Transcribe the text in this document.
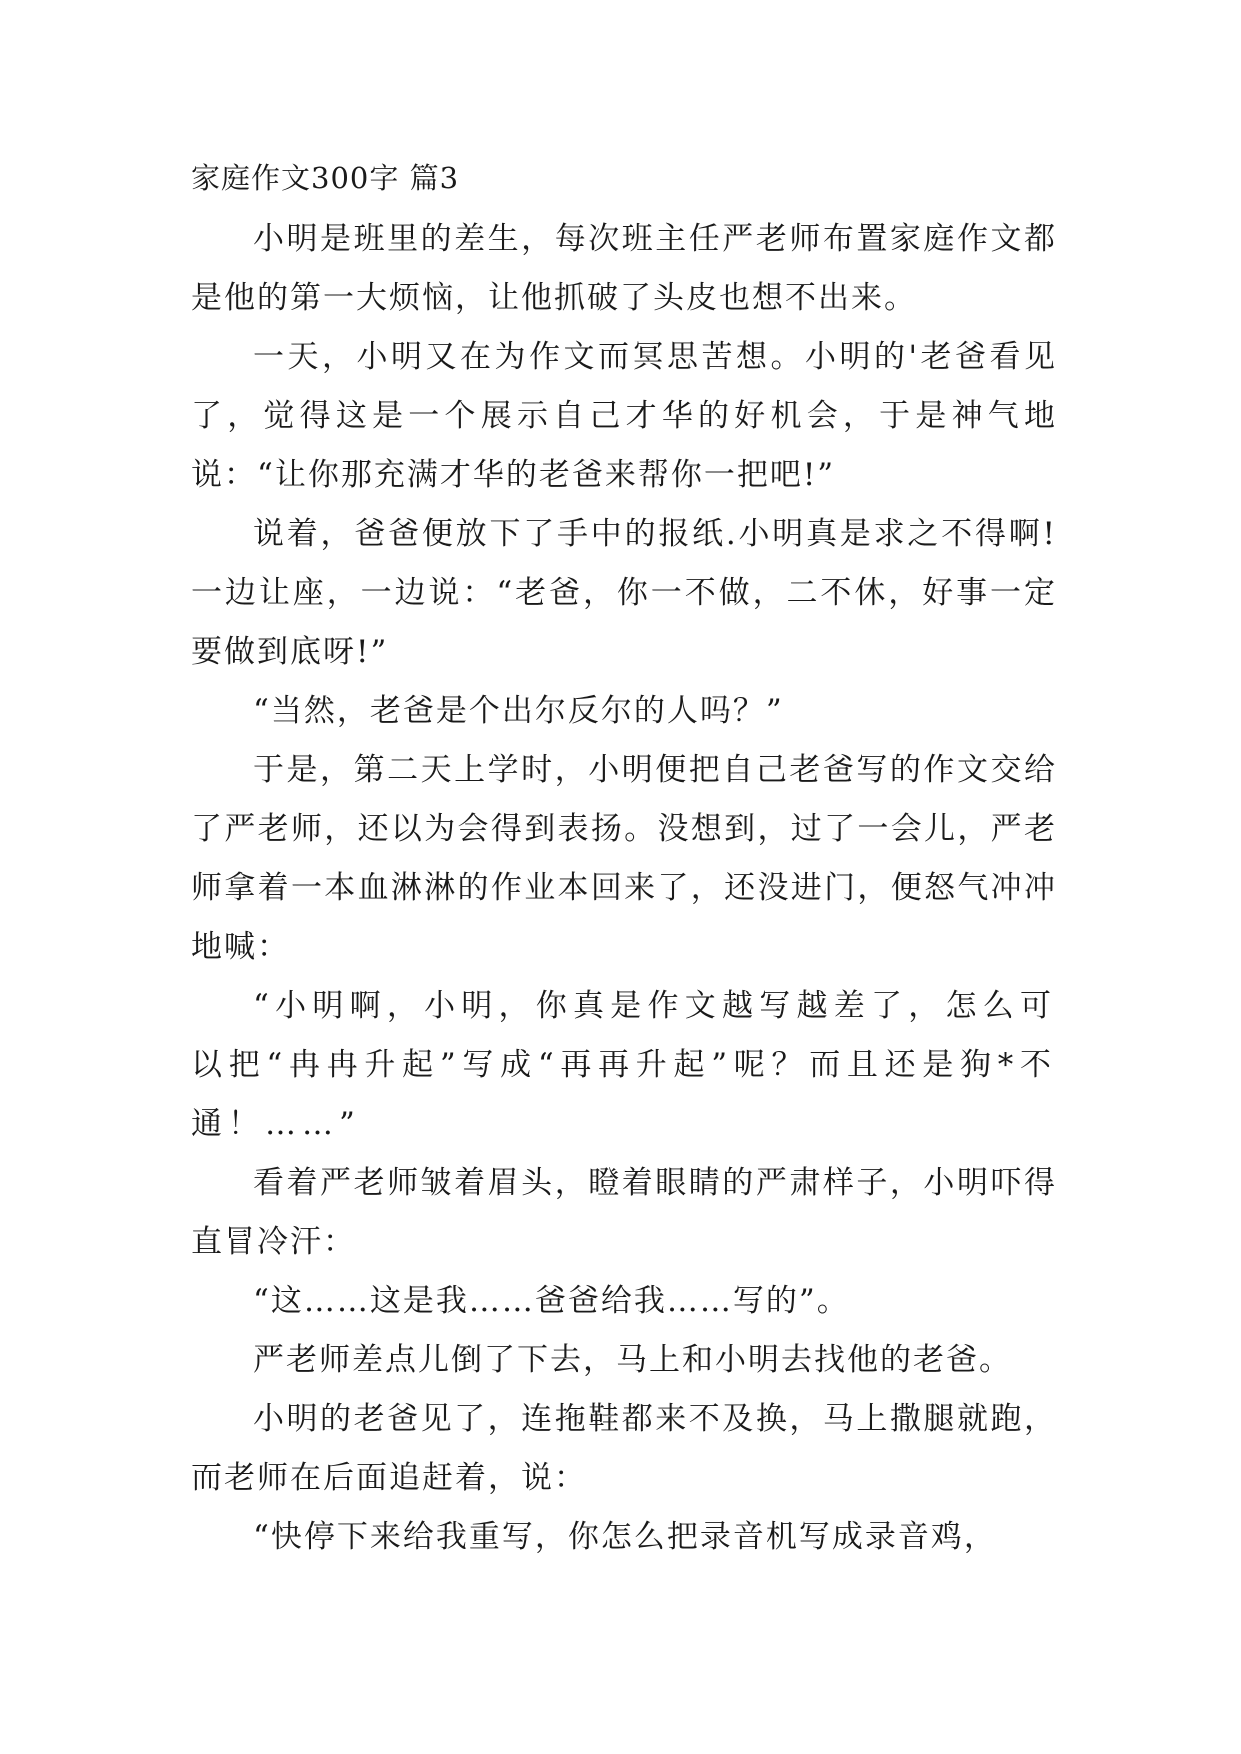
家庭作文300字 篇3

小明是班里的差生，每次班主任严老师布置家庭作文都是他的第一大烦恼，让他抓破了头皮也想不出来。

一天，小明又在为作文而冥思苦想。小明的'老爸看见了，觉得这是一个展示自己才华的好机会，于是神气地说：“让你那充满才华的老爸来帮你一把吧!”

说着，爸爸便放下了手中的报纸.小明真是求之不得啊!一边让座，一边说：“老爸，你一不做，二不休，好事一定要做到底呀!”

“当然，老爸是个出尔反尔的人吗？”

于是，第二天上学时，小明便把自己老爸写的作文交给了严老师，还以为会得到表扬。没想到，过了一会儿，严老师拿着一本血淋淋的作业本回来了，还没进门，便怒气冲冲地喊：

“小明啊，小明，你真是作文越写越差了，怎么可以把“冉冉升起”写成“再再升起”呢？而且还是狗*不通！……”

看着严老师皱着眉头，瞪着眼睛的严肃样子，小明吓得直冒冷汗：

“这……这是我……爸爸给我……写的”。

严老师差点儿倒了下去，马上和小明去找他的老爸。

小明的老爸见了，连拖鞋都来不及换，马上撒腿就跑，而老师在后面追赶着，说：

“快停下来给我重写，你怎么把录音机写成录音鸡，
